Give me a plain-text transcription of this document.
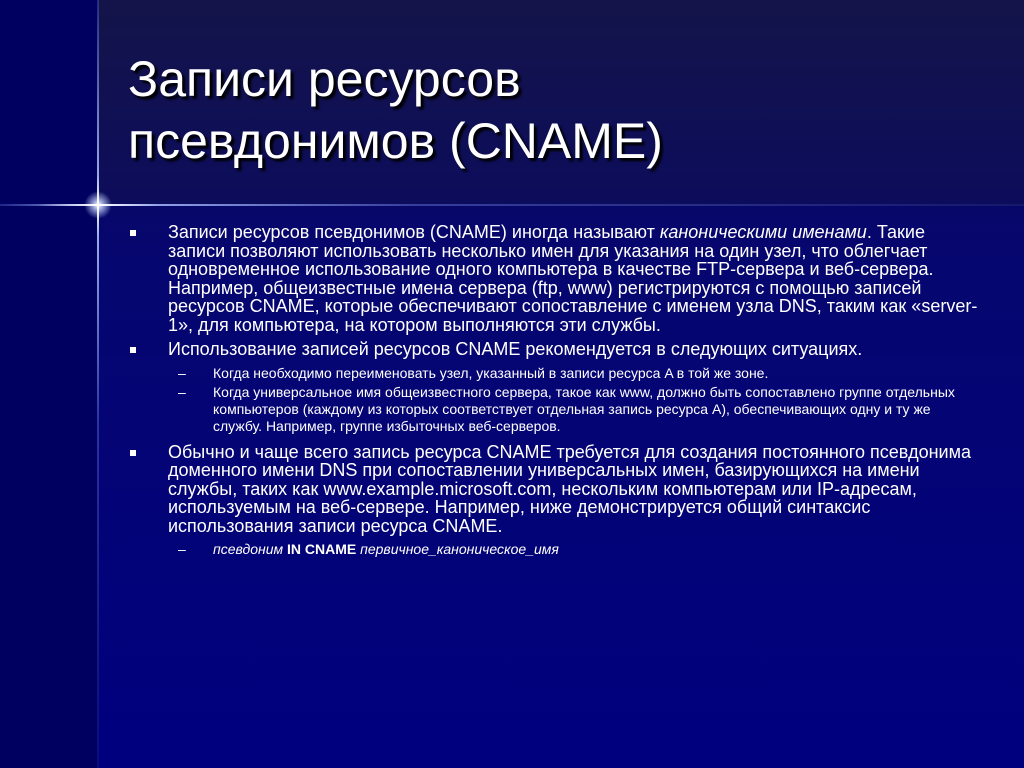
Записи ресурсов
псевдонимов (CNAME)
Записи ресурсов псевдонимов (CNAME) иногда называют каноническими именами. Такие записи позволяют использовать несколько имен для указания на один узел, что облегчает одновременное использование одного компьютера в качестве FTP-сервера и веб-сервера. Например, общеизвестные имена сервера (ftp, www) регистрируются с помощью записей ресурсов CNAME, которые обеспечивают сопоставление с именем узла DNS, таким как «server-1», для компьютера, на котором выполняются эти службы.
Использование записей ресурсов CNAME рекомендуется в следующих ситуациях.
– Когда необходимо переименовать узел, указанный в записи ресурса A в той же зоне.
– Когда универсальное имя общеизвестного сервера, такое как www, должно быть сопоставлено группе отдельных компьютеров (каждому из которых соответствует отдельная запись ресурса A), обеспечивающих одну и ту же службу. Например, группе избыточных веб-серверов.
Обычно и чаще всего запись ресурса CNAME требуется для создания постоянного псевдонима доменного имени DNS при сопоставлении универсальных имен, базирующихся на имени службы, таких как www.example.microsoft.com, нескольким компьютерам или IP-адресам, используемым на веб-сервере. Например, ниже демонстрируется общий синтаксис использования записи ресурса CNAME.
– псевдоним IN CNAME первичное_каноническое_имя
